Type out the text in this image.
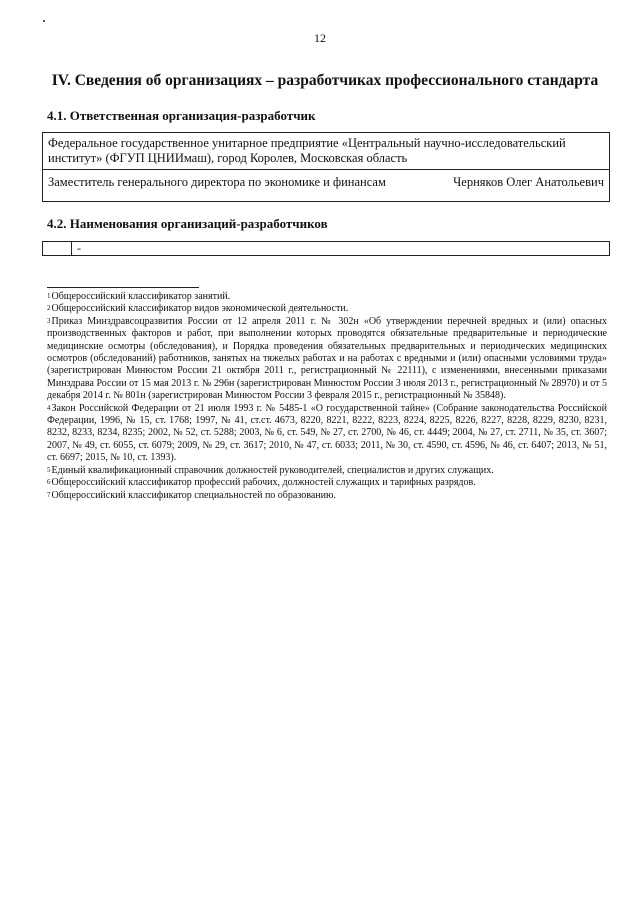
12
IV. Сведения об организациях – разработчиках профессионального стандарта
4.1. Ответственная организация-разработчик
Федеральное государственное унитарное предприятие «Центральный научно-исследовательский институт» (ФГУП ЦНИИмаш), город Королев, Московская область

Заместитель генерального директора по экономике и финансам	Черняков Олег Анатольевич
4.2. Наименования организаций-разработчиков
	-

$^1$Общероссийский классификатор занятий.

$^2$Общероссийский классификатор видов экономической деятельности.

$^3$Приказ Минздравсоцразвития России от 12 апреля 2011 г. № 302н «Об утверждении перечней вредных и (или) опасных производственных факторов и работ, при выполнении которых проводятся обязательные предварительные и периодические медицинские осмотры (обследования), и Порядка проведения обязательных предварительных и периодических медицинских осмотров (обследований) работников, занятых на тяжелых работах и на работах с вредными и (или) опасными условиями труда» (зарегистрирован Минюстом России 21 октября 2011 г., регистрационный № 22111), с изменениями, внесенными приказами Минздрава России от 15 мая 2013 г. № 296н (зарегистрирован Минюстом России 3 июля 2013 г., регистрационный № 28970) и от 5 декабря 2014 г. № 801н (зарегистрирован Минюстом России 3 февраля 2015 г., регистрационный № 35848).

$^4$Закон Российской Федерации от 21 июля 1993 г. № 5485-1 «О государственной тайне» (Собрание законодательства Российской Федерации, 1996, № 15, ст. 1768; 1997, № 41, ст.ст. 4673, 8220, 8221, 8222, 8223, 8224, 8225, 8226, 8227, 8228, 8229, 8230, 8231, 8232, 8233, 8234, 8235; 2002, № 52, ст. 5288; 2003, № 6, ст. 549, № 27, ст. 2700, № 46, ст. 4449; 2004, № 27, ст. 2711, № 35, ст. 3607; 2007, № 49, ст. 6055, ст. 6079; 2009, № 29, ст. 3617; 2010, № 47, ст. 6033; 2011, № 30, ст. 4590, ст. 4596, № 46, ст. 6407; 2013, № 51, ст. 6697; 2015, № 10, ст. 1393).

$^5$Единый квалификационный справочник должностей руководителей, специалистов и других служащих.

$^6$Общероссийский классификатор профессий рабочих, должностей служащих и тарифных разрядов.

$^7$Общероссийский классификатор специальностей по образованию.
